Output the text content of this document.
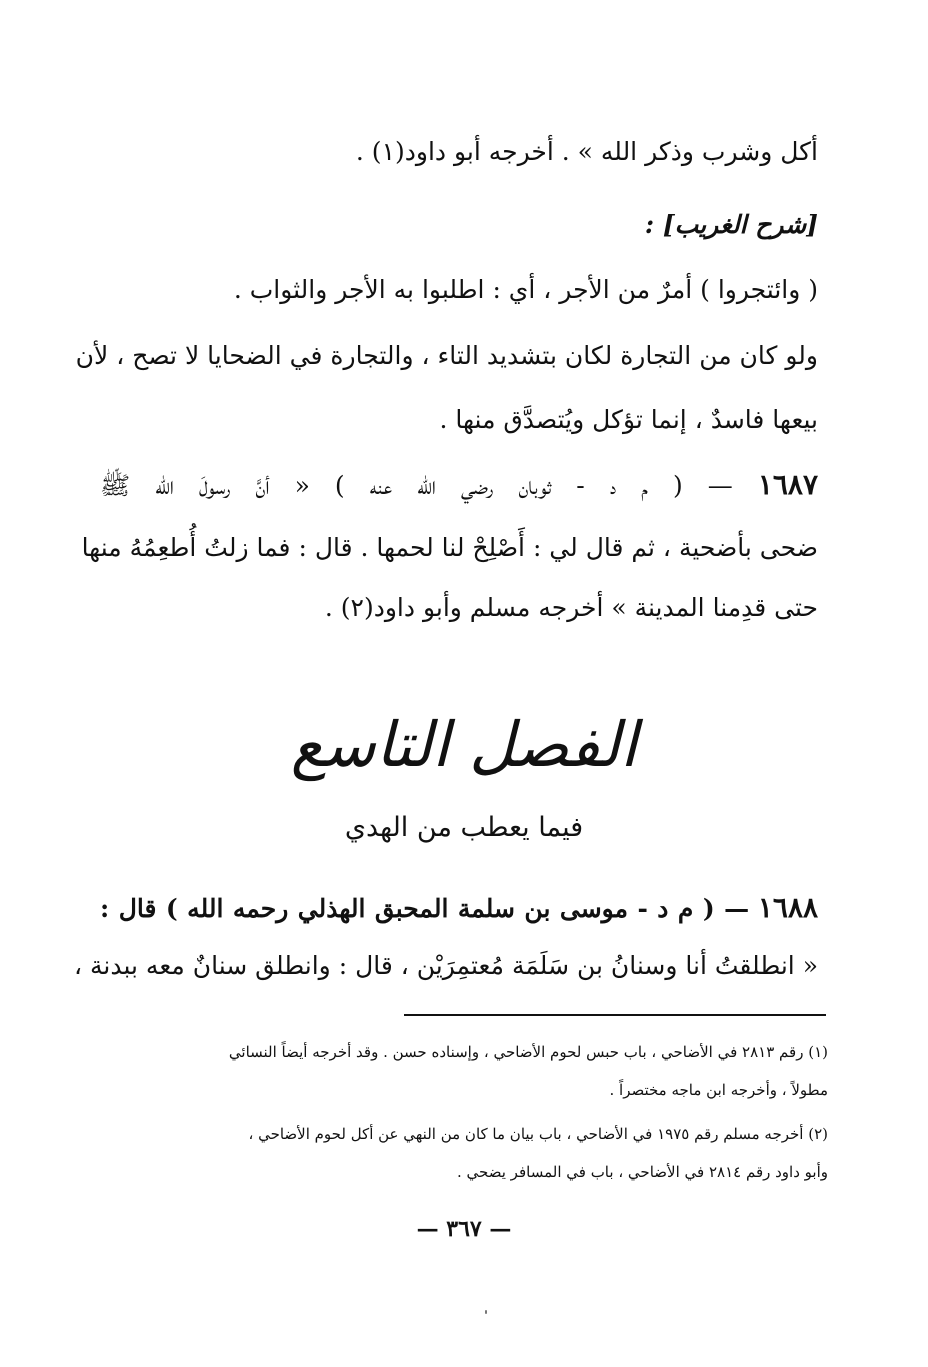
أكل وشرب وذكر الله » . أخرجه أبو داود(١) .
[شرح الغريب] :
( وائتجروا ) أمرٌ من الأجر ، أي : اطلبوا به الأجر والثواب .
ولو كان من التجارة لكان بتشديد التاء ، والتجارة في الضحايا لا تصح ، لأن
بيعها فاسدٌ ، إنما تؤكل ويُتصدَّق منها .
١٦٨٧ — ( م د - ثوبان رضي الله عنه ) « أنَّ رسولَ الله ﷺ
ضحى بأضحية ، ثم قال لي : أَصْلِحْ لنا لحمها . قال : فما زلتُ أُطعِمُهُ منها
حتى قدِمنا المدينة » أخرجه مسلم وأبو داود(٢) .
الفصل التاسع
فيما يعطب من الهدي
١٦٨٨ — ( م د - موسى بن سلمة المحبق الهذلي رحمه الله ) قال :
« انطلقتُ أنا وسنانُ بن سَلَمَة مُعتمِرَيْن ، قال : وانطلق سنانٌ معه ببدنة ،
(١) رقم ٢٨١٣ في الأضاحي ، باب حبس لحوم الأضاحي ، وإسناده حسن . وقد أخرجه أيضاً النسائي
مطولاً ، وأخرجه ابن ماجه مختصراً .
(٢) أخرجه مسلم رقم ١٩٧٥ في الأضاحي ، باب بيان ما كان من النهي عن أكل لحوم الأضاحي ،
وأبو داود رقم ٢٨١٤ في الأضاحي ، باب في المسافر يضحي .
— ٣٦٧ —
